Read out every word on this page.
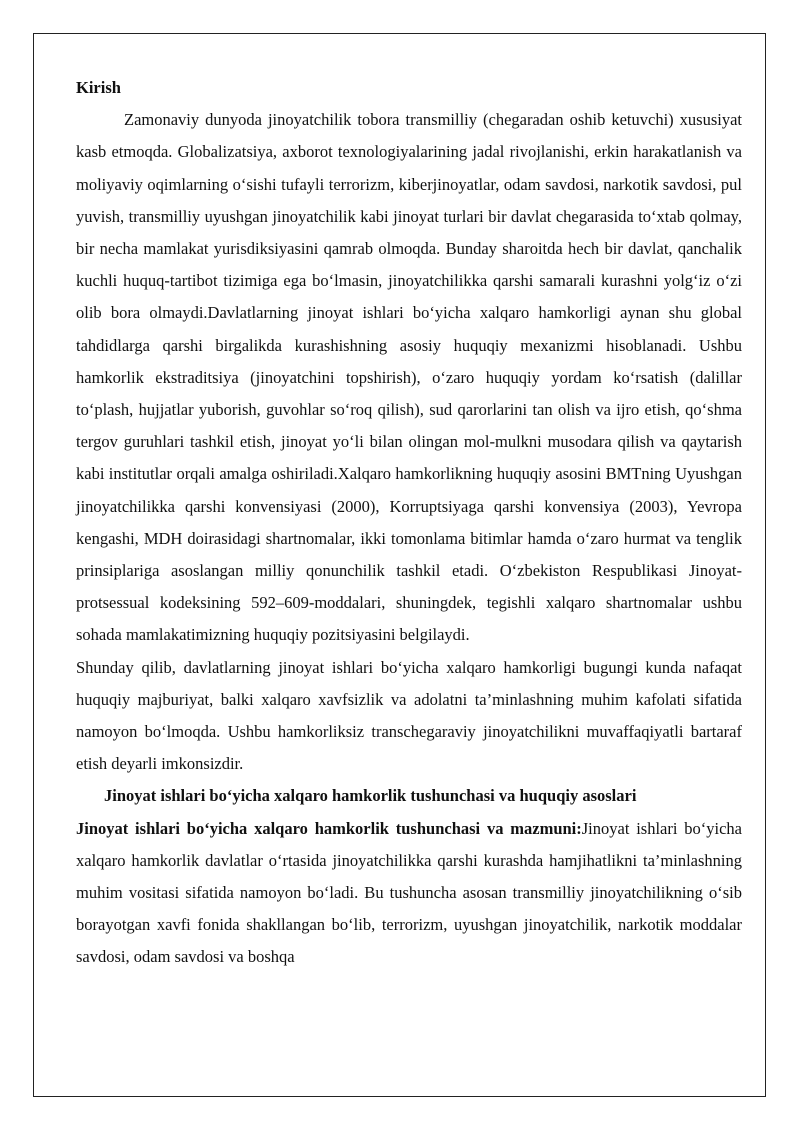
Kirish

Zamonaviy dunyoda jinoyatchilik tobora transmilliy (chegaradan oshib ketuvchi) xususiyat kasb etmoqda. Globalizatsiya, axborot texnologiyalarining jadal rivojlanishi, erkin harakatlanish va moliyaviy oqimlarning o‘sishi tufayli terrorizm, kiberjinoyatlar, odam savdosi, narkotik savdosi, pul yuvish, transmilliy uyushgan jinoyatchilik kabi jinoyat turlari bir davlat chegarasida to‘xtab qolmay, bir necha mamlakat yurisdiksiyasini qamrab olmoqda. Bunday sharoitda hech bir davlat, qanchalik kuchli huquq-tartibot tizimiga ega bo‘lmasin, jinoyatchilikka qarshi samarali kurashni yolg‘iz o‘zi olib bora olmaydi.Davlatlarning jinoyat ishlari bo‘yicha xalqaro hamkorligi aynan shu global tahdidlarga qarshi birgalikda kurashishning asosiy huquqiy mexanizmi hisoblanadi. Ushbu hamkorlik ekstraditsiya (jinoyatchini topshirish), o‘zaro huquqiy yordam ko‘rsatish (dalillar to‘plash, hujjatlar yuborish, guvohlar so‘roq qilish), sud qarorlarini tan olish va ijro etish, qo‘shma tergov guruhlari tashkil etish, jinoyat yo‘li bilan olingan mol-mulkni musodara qilish va qaytarish kabi institutlar orqali amalga oshiriladi.Xalqaro hamkorlikning huquqiy asosini BMTning Uyushgan jinoyatchilikka qarshi konvensiyasi (2000), Korruptsiyaga qarshi konvensiya (2003), Yevropa kengashi, MDH doirasidagi shartnomalar, ikki tomonlama bitimlar hamda o‘zaro hurmat va tenglik prinsiplariga asoslangan milliy qonunchilik tashkil etadi. O‘zbekiston Respublikasi Jinoyat-protsessual kodeksining 592–609-moddalari, shuningdek, tegishli xalqaro shartnomalar ushbu sohada mamlakatimizning huquqiy pozitsiyasini belgilaydi.

Shunday qilib, davlatlarning jinoyat ishlari bo‘yicha xalqaro hamkorligi bugungi kunda nafaqat huquqiy majburiyat, balki xalqaro xavfsizlik va adolatni ta’minlashning muhim kafolati sifatida namoyon bo‘lmoqda. Ushbu hamkorliksiz transchegaraviy jinoyatchilikni muvaffaqiyatli bartaraf etish deyarli imkonsizdir.

Jinoyat ishlari bo‘yicha xalqaro hamkorlik tushunchasi va huquqiy asoslari

Jinoyat ishlari bo‘yicha xalqaro hamkorlik tushunchasi va mazmuni:Jinoyat ishlari bo‘yicha xalqaro hamkorlik davlatlar o‘rtasida jinoyatchilikka qarshi kurashda hamjihatlikni ta’minlashning muhim vositasi sifatida namoyon bo‘ladi. Bu tushuncha asosan transmilliy jinoyatchilikning o‘sib borayotgan xavfi fonida shakllangan bo‘lib, terrorizm, uyushgan jinoyatchilik, narkotik moddalar savdosi, odam savdosi va boshqa
